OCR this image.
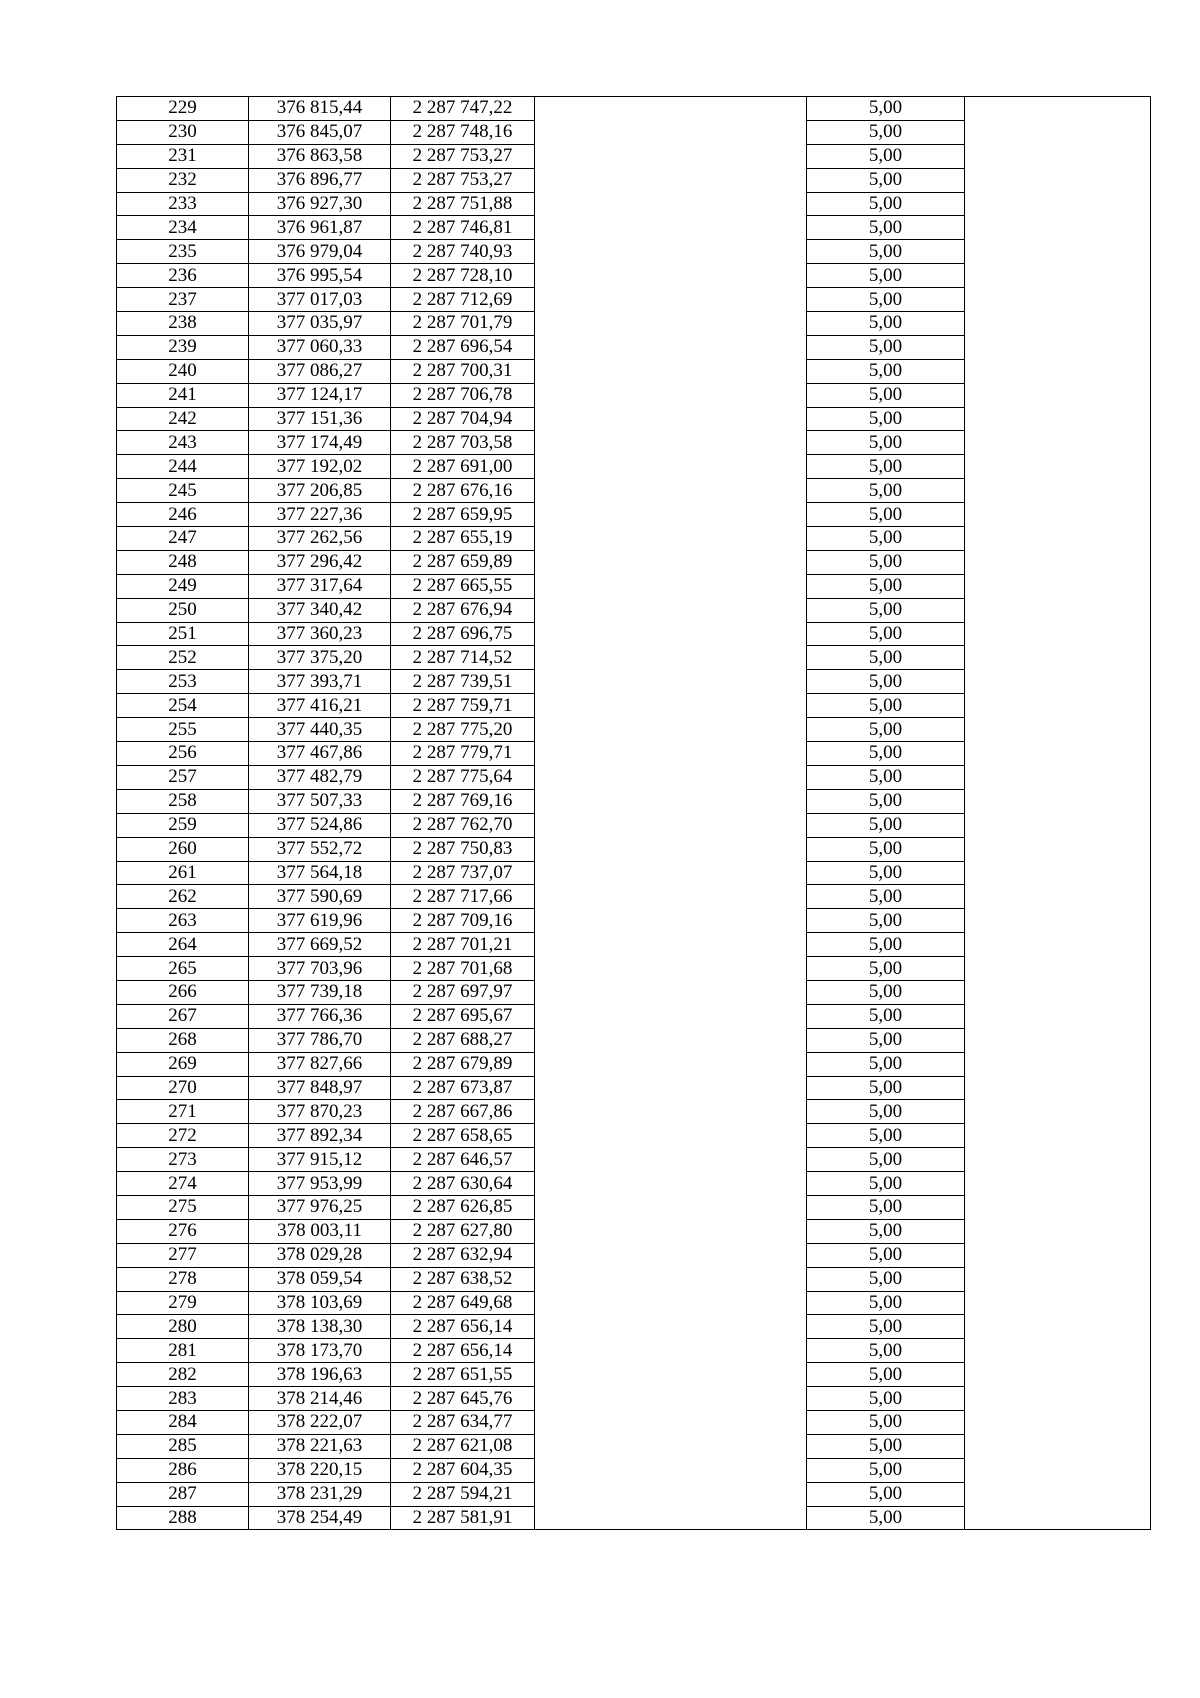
229	376 815,44	2 287 747,22		5,00	
230	376 845,07	2 287 748,16		5,00	
231	376 863,58	2 287 753,27		5,00	
232	376 896,77	2 287 753,27		5,00	
233	376 927,30	2 287 751,88		5,00	
234	376 961,87	2 287 746,81		5,00	
235	376 979,04	2 287 740,93		5,00	
236	376 995,54	2 287 728,10		5,00	
237	377 017,03	2 287 712,69		5,00	
238	377 035,97	2 287 701,79		5,00	
239	377 060,33	2 287 696,54		5,00	
240	377 086,27	2 287 700,31		5,00	
241	377 124,17	2 287 706,78		5,00	
242	377 151,36	2 287 704,94		5,00	
243	377 174,49	2 287 703,58		5,00	
244	377 192,02	2 287 691,00		5,00	
245	377 206,85	2 287 676,16		5,00	
246	377 227,36	2 287 659,95		5,00	
247	377 262,56	2 287 655,19		5,00	
248	377 296,42	2 287 659,89		5,00	
249	377 317,64	2 287 665,55		5,00	
250	377 340,42	2 287 676,94		5,00	
251	377 360,23	2 287 696,75		5,00	
252	377 375,20	2 287 714,52		5,00	
253	377 393,71	2 287 739,51		5,00	
254	377 416,21	2 287 759,71		5,00	
255	377 440,35	2 287 775,20		5,00	
256	377 467,86	2 287 779,71		5,00	
257	377 482,79	2 287 775,64		5,00	
258	377 507,33	2 287 769,16		5,00	
259	377 524,86	2 287 762,70		5,00	
260	377 552,72	2 287 750,83		5,00	
261	377 564,18	2 287 737,07		5,00	
262	377 590,69	2 287 717,66		5,00	
263	377 619,96	2 287 709,16		5,00	
264	377 669,52	2 287 701,21		5,00	
265	377 703,96	2 287 701,68		5,00	
266	377 739,18	2 287 697,97		5,00	
267	377 766,36	2 287 695,67		5,00	
268	377 786,70	2 287 688,27		5,00	
269	377 827,66	2 287 679,89		5,00	
270	377 848,97	2 287 673,87		5,00	
271	377 870,23	2 287 667,86		5,00	
272	377 892,34	2 287 658,65		5,00	
273	377 915,12	2 287 646,57		5,00	
274	377 953,99	2 287 630,64		5,00	
275	377 976,25	2 287 626,85		5,00	
276	378 003,11	2 287 627,80		5,00	
277	378 029,28	2 287 632,94		5,00	
278	378 059,54	2 287 638,52		5,00	
279	378 103,69	2 287 649,68		5,00	
280	378 138,30	2 287 656,14		5,00	
281	378 173,70	2 287 656,14		5,00	
282	378 196,63	2 287 651,55		5,00	
283	378 214,46	2 287 645,76		5,00	
284	378 222,07	2 287 634,77		5,00	
285	378 221,63	2 287 621,08		5,00	
286	378 220,15	2 287 604,35		5,00	
287	378 231,29	2 287 594,21		5,00	
288	378 254,49	2 287 581,91		5,00	
